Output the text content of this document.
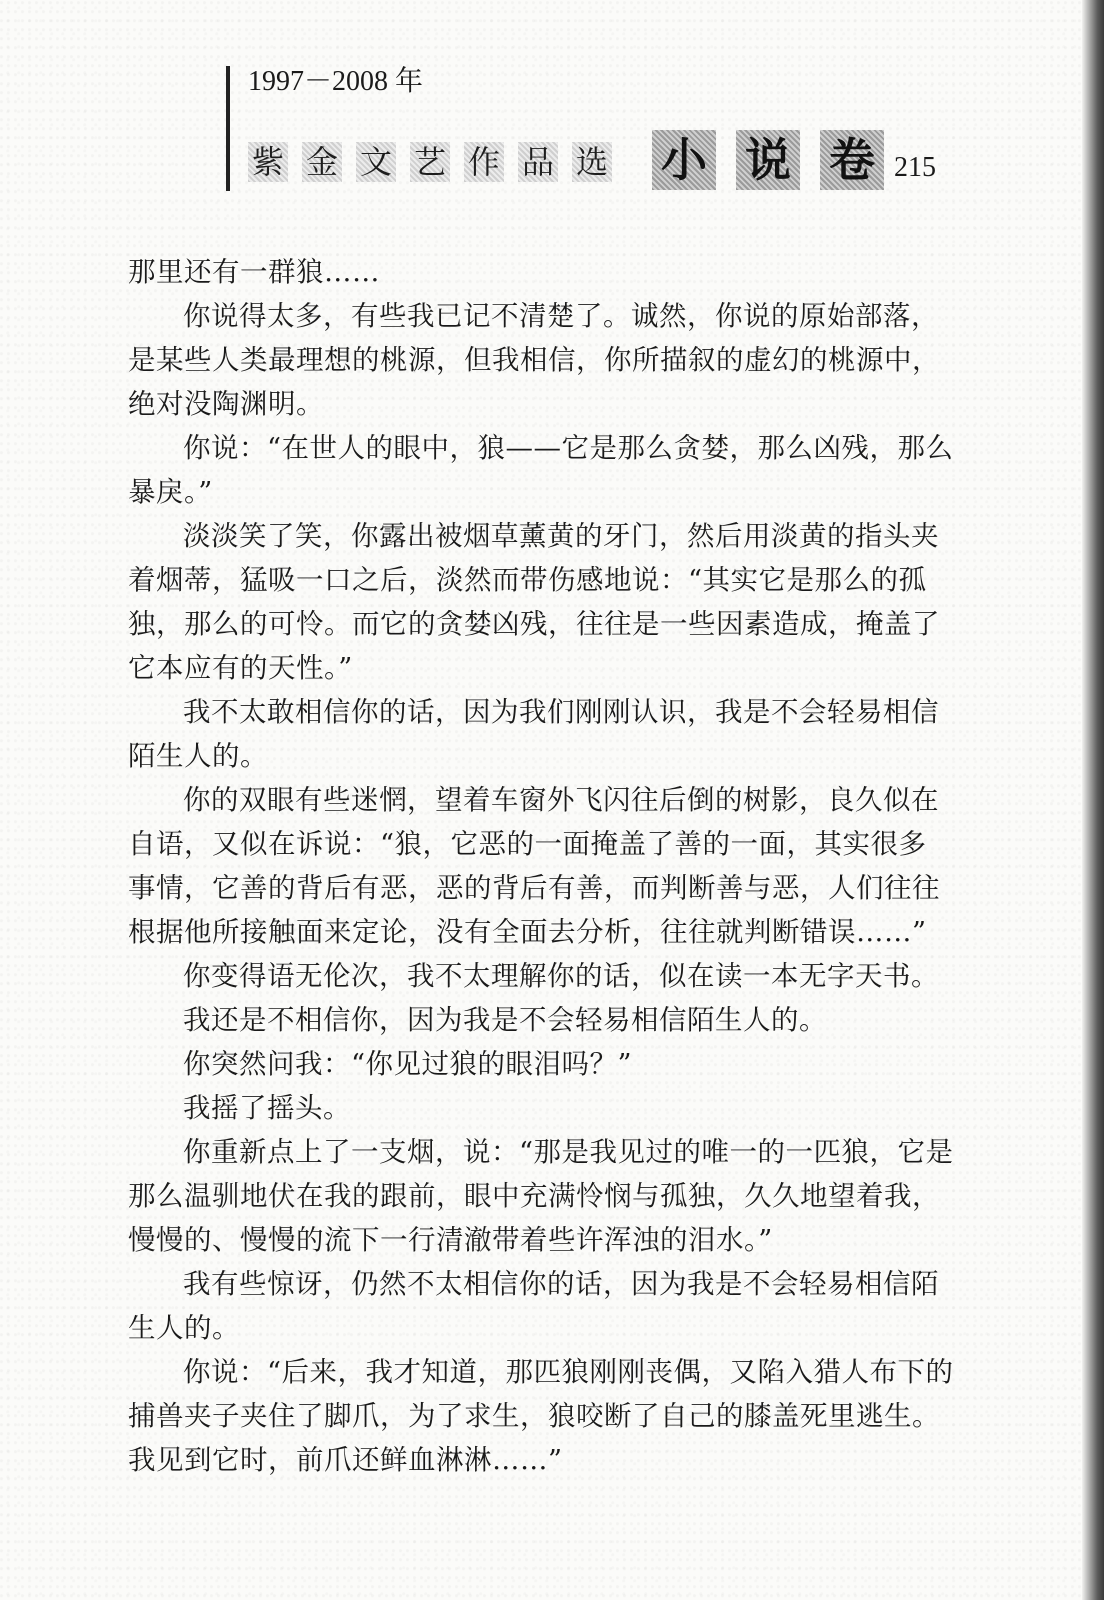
1997－2008 年
紫 金 文 艺 作 品 选 小 说 卷 215

那里还有一群狼……

你说得太多，有些我已记不清楚了。诚然，你说的原始部落，是某些人类最理想的桃源，但我相信，你所描叙的虚幻的桃源中，绝对没陶渊明。

你说：“在世人的眼中，狼——它是那么贪婪，那么凶残，那么暴戾。”

淡淡笑了笑，你露出被烟草薰黄的牙门，然后用淡黄的指头夹着烟蒂，猛吸一口之后，淡然而带伤感地说：“其实它是那么的孤独，那么的可怜。而它的贪婪凶残，往往是一些因素造成，掩盖了它本应有的天性。”

我不太敢相信你的话，因为我们刚刚认识，我是不会轻易相信陌生人的。

你的双眼有些迷惘，望着车窗外飞闪往后倒的树影，良久似在自语，又似在诉说：“狼，它恶的一面掩盖了善的一面，其实很多事情，它善的背后有恶，恶的背后有善，而判断善与恶，人们往往根据他所接触面来定论，没有全面去分析，往往就判断错误……”

你变得语无伦次，我不太理解你的话，似在读一本无字天书。

我还是不相信你，因为我是不会轻易相信陌生人的。

你突然问我：“你见过狼的眼泪吗？”

我摇了摇头。

你重新点上了一支烟，说：“那是我见过的唯一的一匹狼，它是那么温驯地伏在我的跟前，眼中充满怜悯与孤独，久久地望着我，慢慢的、慢慢的流下一行清澈带着些许浑浊的泪水。”

我有些惊讶，仍然不太相信你的话，因为我是不会轻易相信陌生人的。

你说：“后来，我才知道，那匹狼刚刚丧偶，又陷入猎人布下的捕兽夹子夹住了脚爪，为了求生，狼咬断了自己的膝盖死里逃生。我见到它时，前爪还鲜血淋淋……”
